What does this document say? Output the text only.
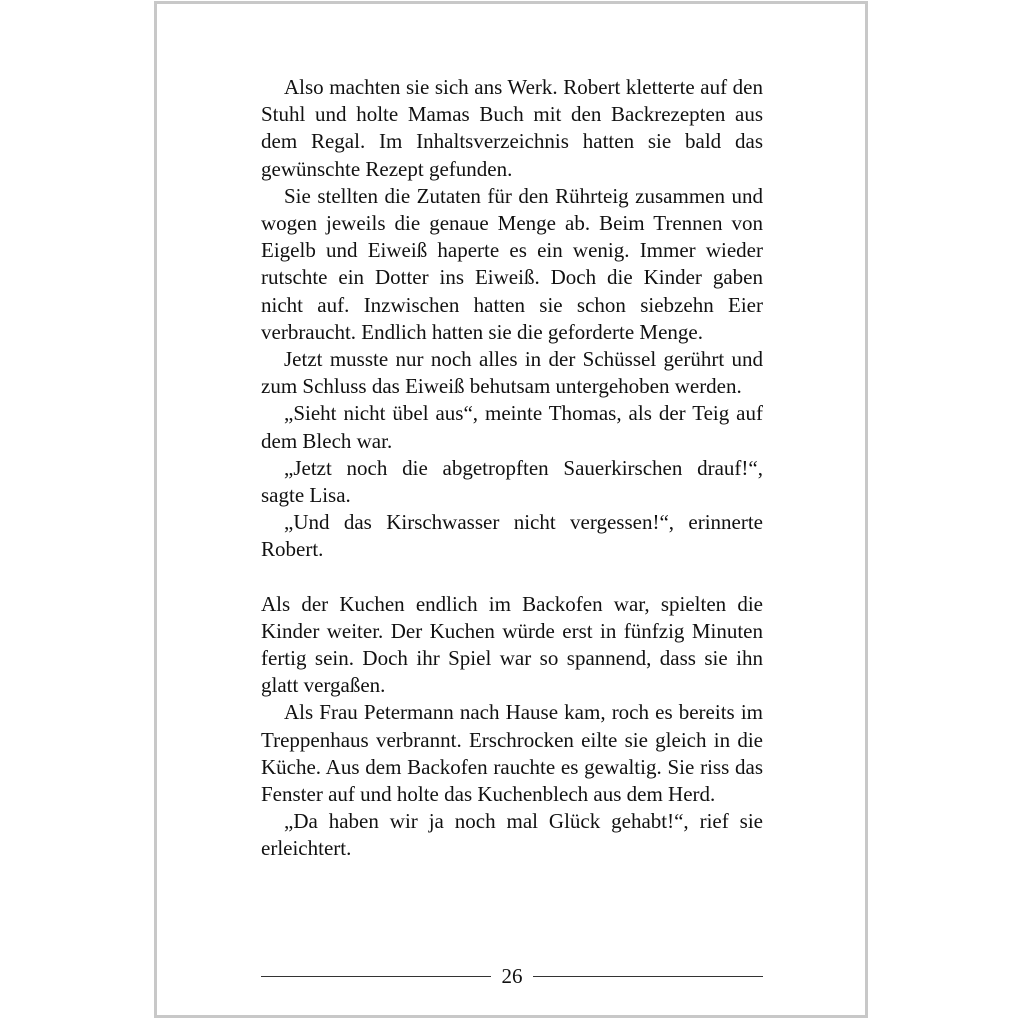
Also machten sie sich ans Werk. Robert kletterte auf den Stuhl und holte Mamas Buch mit den Backrezepten aus dem Regal. Im Inhaltsverzeichnis hatten sie bald das gewünschte Rezept gefunden.

Sie stellten die Zutaten für den Rührteig zusammen und wogen jeweils die genaue Menge ab. Beim Trennen von Eigelb und Eiweiß haperte es ein wenig. Immer wieder rutschte ein Dotter ins Eiweiß. Doch die Kinder gaben nicht auf. Inzwischen hatten sie schon siebzehn Eier verbraucht. Endlich hatten sie die geforderte Menge.

Jetzt musste nur noch alles in der Schüssel gerührt und zum Schluss das Eiweiß behutsam untergehoben werden.

„Sieht nicht übel aus“, meinte Thomas, als der Teig auf dem Blech war.

„Jetzt noch die abgetropften Sauerkirschen drauf!“, sagte Lisa.

„Und das Kirschwasser nicht vergessen!“, erinnerte Robert.

Als der Kuchen endlich im Backofen war, spielten die Kinder weiter. Der Kuchen würde erst in fünfzig Minuten fertig sein. Doch ihr Spiel war so spannend, dass sie ihn glatt vergaßen.

Als Frau Petermann nach Hause kam, roch es bereits im Treppenhaus verbrannt. Erschrocken eilte sie gleich in die Küche. Aus dem Backofen rauchte es gewaltig. Sie riss das Fenster auf und holte das Kuchenblech aus dem Herd.

„Da haben wir ja noch mal Glück gehabt!“, rief sie erleichtert.

26
